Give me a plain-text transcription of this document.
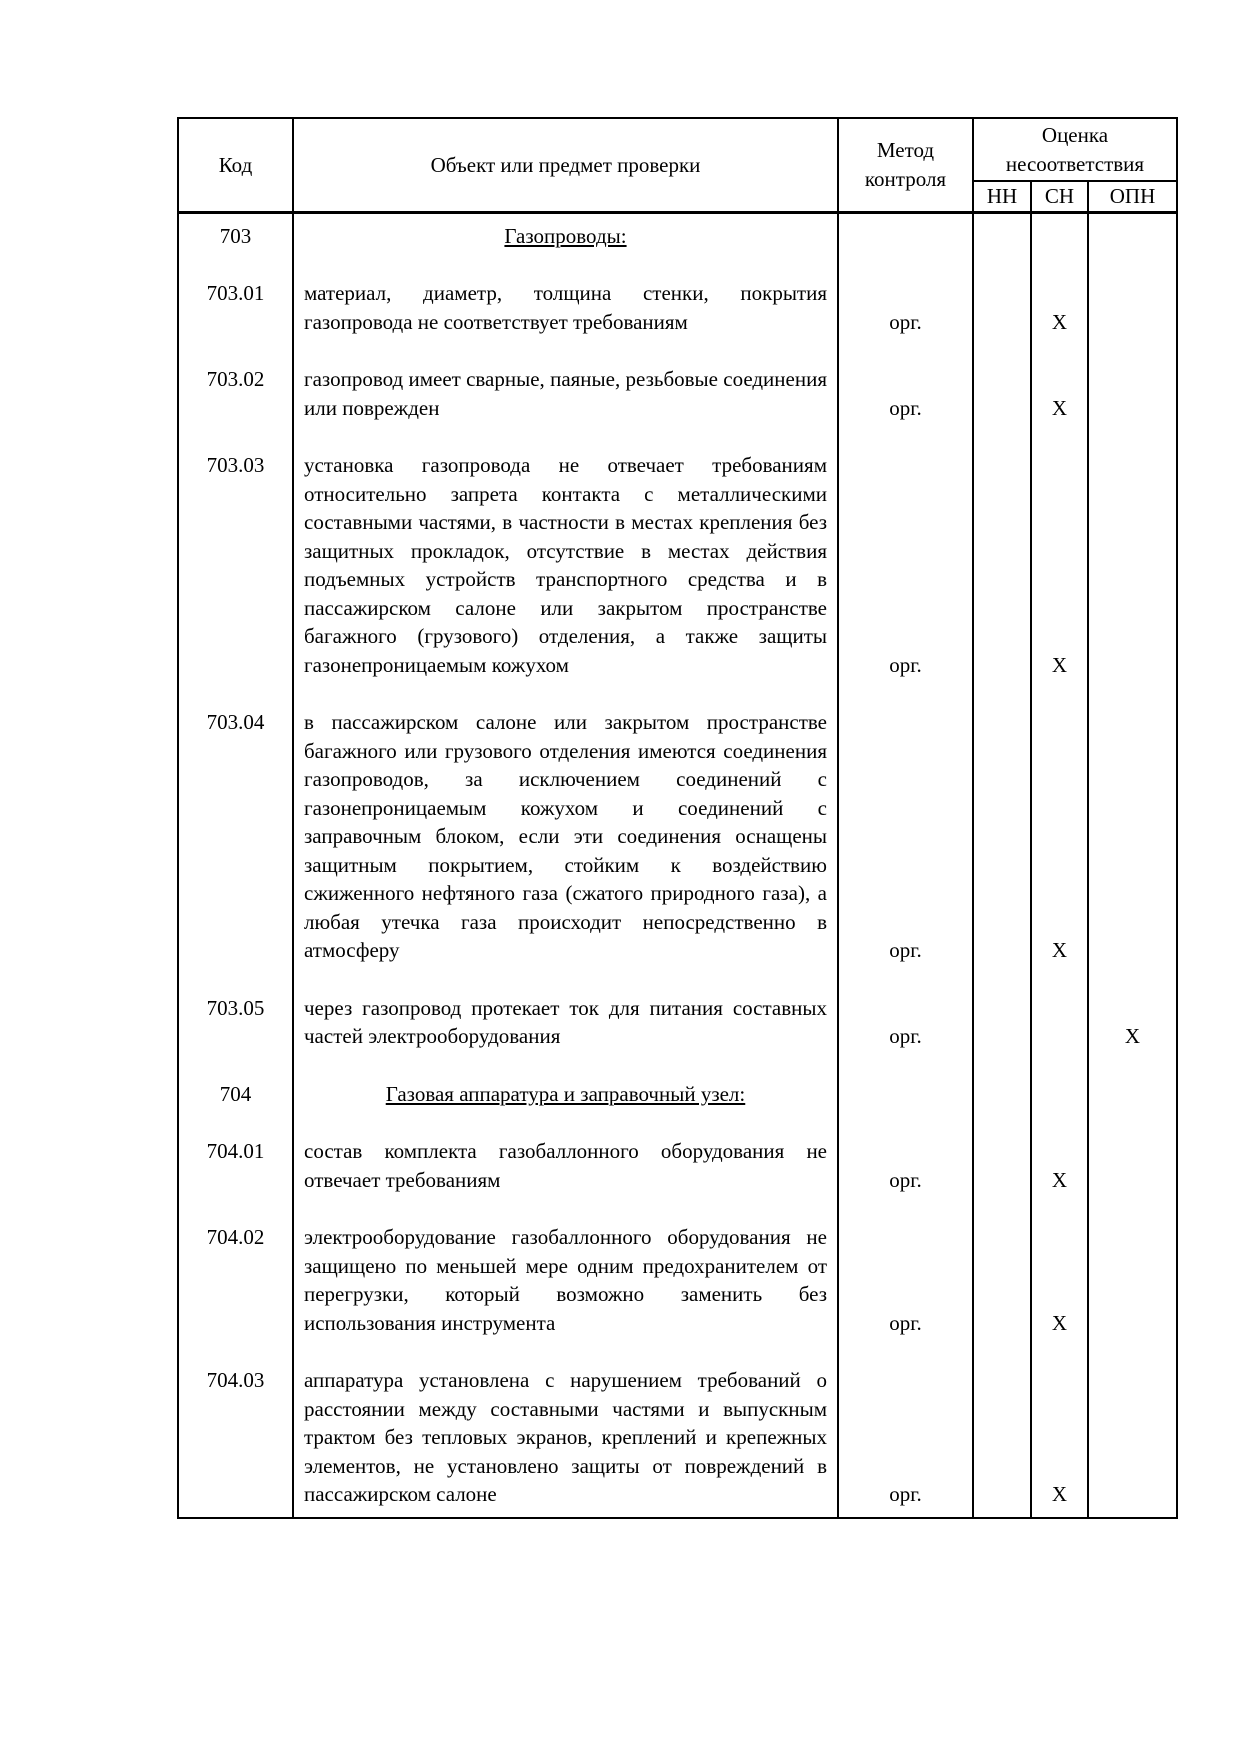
Код	Объект или предмет проверки	Метод контроля	Оценка несоответствия		
			НН	СН	ОПН
703	Газопроводы:				
703.01	материал, диаметр, толщина стенки, покрытия газопровода не соответствует требованиям	орг.		X	
703.02	газопровод имеет сварные, паяные, резьбовые соединения или поврежден	орг.		X	
703.03	установка газопровода не отвечает требованиям относительно запрета контакта с металлическими составными частями, в частности в местах крепления без защитных прокладок, отсутствие в местах действия подъемных устройств транспортного средства и в пассажирском салоне или закрытом пространстве багажного (грузового) отделения, а также защиты газонепроницаемым кожухом	орг.		X	
703.04	в пассажирском салоне или закрытом пространстве багажного или грузового отделения имеются соединения газопроводов, за исключением соединений с газонепроницаемым кожухом и соединений с заправочным блоком, если эти соединения оснащены защитным покрытием, стойким к воздействию сжиженного нефтяного газа (сжатого природного газа), а любая утечка газа происходит непосредственно в атмосферу	орг.		X	
703.05	через газопровод протекает ток для питания составных частей электрооборудования	орг.			X
704	Газовая аппаратура и заправочный узел:				
704.01	состав комплекта газобаллонного оборудования не отвечает требованиям	орг.		X	
704.02	электрооборудование газобаллонного оборудования не защищено по меньшей мере одним предохранителем от перегрузки, который возможно заменить без использования инструмента	орг.		X	
704.03	аппаратура установлена с нарушением требований о расстоянии между составными частями и выпускным трактом без тепловых экранов, креплений и крепежных элементов, не установлено защиты от повреждений в пассажирском салоне	орг.		X	
